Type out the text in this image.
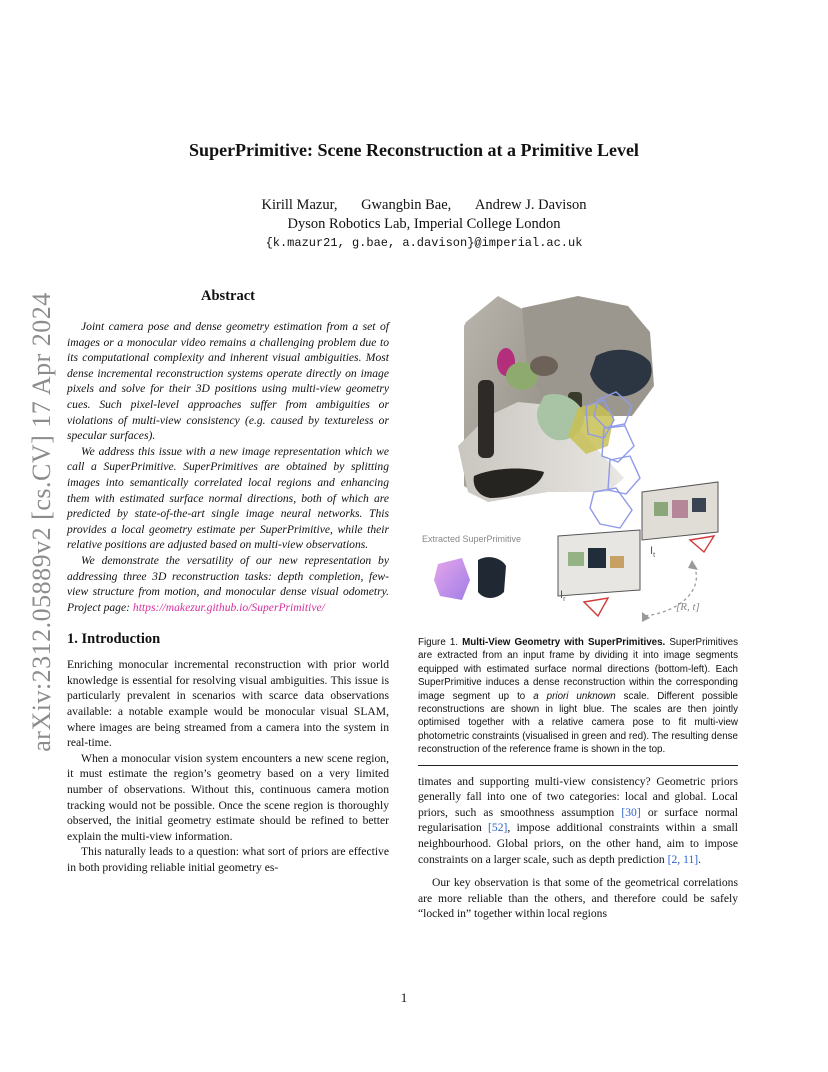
arXiv:2312.05889v2 [cs.CV] 17 Apr 2024
SuperPrimitive: Scene Reconstruction at a Primitive Level
Kirill Mazur, Gwangbin Bae, Andrew J. Davison
Dyson Robotics Lab, Imperial College London
{k.mazur21, g.bae, a.davison}@imperial.ac.uk
Abstract

Joint camera pose and dense geometry estimation from a set of images or a monocular video remains a challenging problem due to its computational complexity and inherent visual ambiguities. Most dense incremental reconstruction systems operate directly on image pixels and solve for their 3D positions using multi-view geometry cues. Such pixel-level approaches suffer from ambiguities or violations of multi-view consistency (e.g. caused by textureless or specular surfaces).

We address this issue with a new image representation which we call a SuperPrimitive. SuperPrimitives are obtained by splitting images into semantically correlated local regions and enhancing them with estimated surface normal directions, both of which are predicted by state-of-the-art single image neural networks. This provides a local geometry estimate per SuperPrimitive, while their relative positions are adjusted based on multi-view observations.

We demonstrate the versatility of our new representation by addressing three 3D reconstruction tasks: depth completion, few-view structure from motion, and monocular dense visual odometry. Project page: https://makezur.github.io/SuperPrimitive/

1. Introduction

Enriching monocular incremental reconstruction with prior world knowledge is essential for resolving visual ambiguities. This issue is particularly prevalent in scenarios with scarce data observations available: a notable example would be monocular visual SLAM, where images are being streamed from a camera into the system in real-time.

When a monocular vision system encounters a new scene region, it must estimate the region’s geometry based on a very limited number of observations. Without this, continuous camera motion tracking would not be possible. Once the scene region is thoroughly observed, the initial geometry estimate should be refined to better explain the multi-view information.

This naturally leads to a question: what sort of priors are effective in both providing reliable initial geometry es-

$I_t$
$I_r$
[R, t]
Extracted SuperPrimitive

Figure 1. Multi-View Geometry with SuperPrimitives. SuperPrimitives are extracted from an input frame by dividing it into image segments equipped with estimated surface normal directions (bottom-left). Each SuperPrimitive induces a dense reconstruction within the corresponding image segment up to a priori unknown scale. Different possible reconstructions are shown in light blue. The scales are then jointly optimised together with a relative camera pose to fit multi-view photometric constraints (visualised in green and red). The resulting dense reconstruction of the reference frame is shown in the top.

timates and supporting multi-view consistency? Geometric priors generally fall into one of two categories: local and global. Local priors, such as smoothness assumption [30] or surface normal regularisation [52], impose additional constraints within a small neighbourhood. Global priors, on the other hand, aim to impose constraints on a larger scale, such as depth prediction [2, 11].

Our key observation is that some of the geometrical correlations are more reliable than the others, and therefore could be safely “locked in” together within local regions

1
